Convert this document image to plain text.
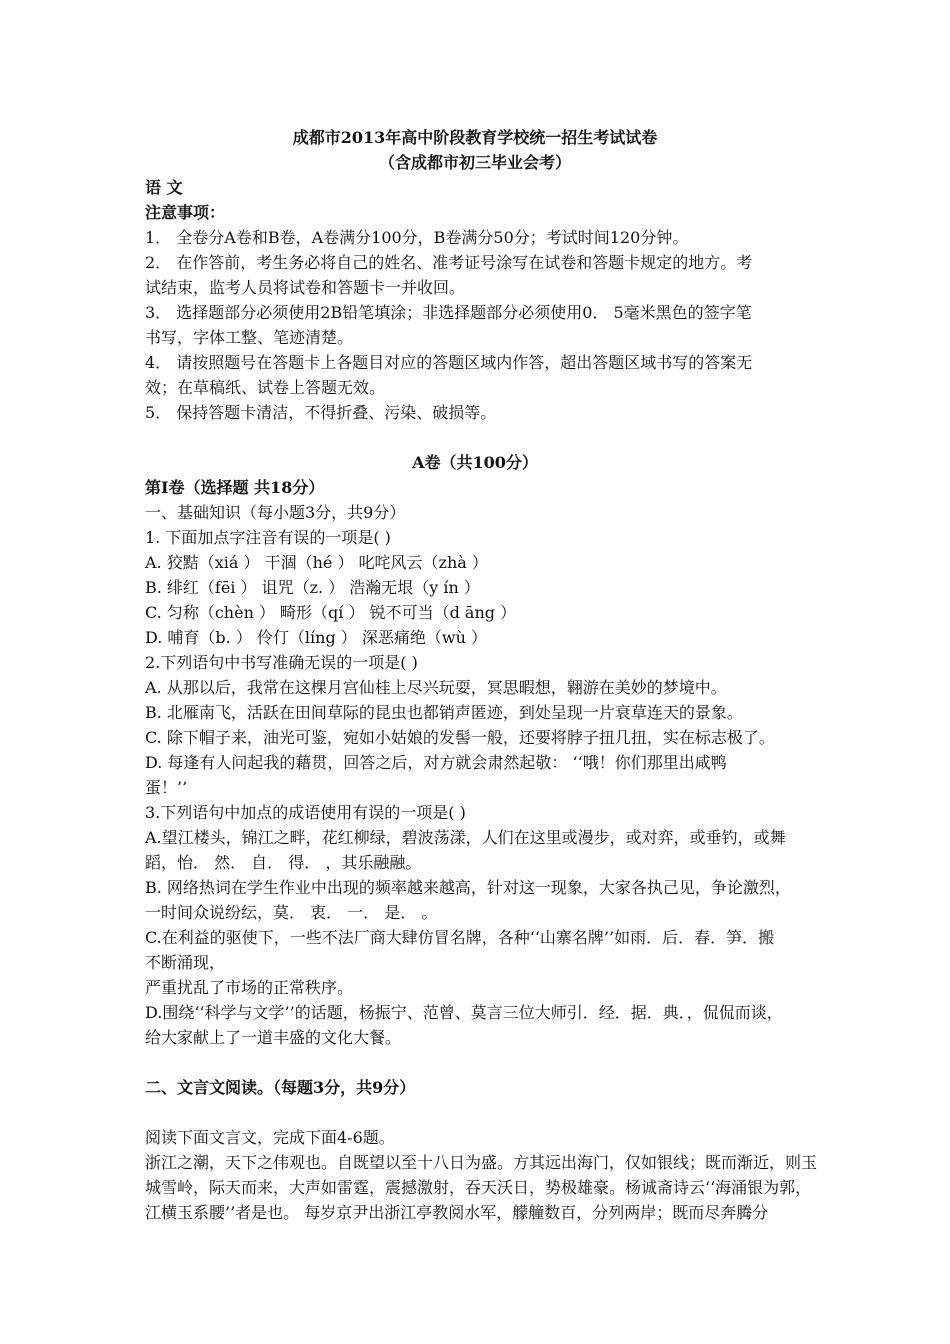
成都市2013年高中阶段教育学校统一招生考试试卷
（含成都市初三毕业会考）
语 文
注意事项：
1． 全卷分A卷和B卷，A卷满分100分，B卷满分50分；考试时间120分钟。
2． 在作答前，考生务必将自己的姓名、准考证号涂写在试卷和答题卡规定的地方。考
试结束，监考人员将试卷和答题卡一并收回。
3． 选择题部分必须使用2B铅笔填涂；非选择题部分必须使用0． 5毫米黑色的签字笔
书写，字体工整、笔迹清楚。
4． 请按照题号在答题卡上各题目对应的答题区域内作答，超出答题区域书写的答案无
效；在草稿纸、试卷上答题无效。
5． 保持答题卡清洁，不得折叠、污染、破损等。
A卷（共100分）
第Ⅰ卷（选择题 共18分）
一、基础知识（每小题3分，共9分）
1. 下面加点字注音有误的一项是( )
A. 狡黠（xiá ） 干涸（hé ） 叱咤风云（zhà ）
B. 绯红（fēi ） 诅咒（z. ） 浩瀚无垠（y ín ）
C. 匀称（chèn ） 畸形（qí ） 锐不可当（d āng ）
D. 哺育（b. ） 伶仃（líng ） 深恶痛绝（wù ）
2.下列语句中书写准确无误的一项是( )
A. 从那以后，我常在这棵月宫仙桂上尽兴玩耍，冥思暇想，翱游在美妙的梦境中。
B. 北雁南飞，活跃在田间草际的昆虫也都销声匿迹，到处呈现一片衰草连天的景象。
C. 除下帽子来，油光可鉴，宛如小姑娘的发髻一般，还要将脖子扭几扭，实在标志极了。
D. 每逢有人问起我的藉贯，回答之后，对方就会肃然起敬： ‘‘哦！你们那里出咸鸭
蛋！’’
3.下列语句中加点的成语使用有误的一项是( )
A.望江楼头，锦江之畔，花红柳绿，碧波荡漾，人们在这里或漫步，或对弈，或垂钓，或舞
蹈，怡． 然． 自． 得． ，其乐融融。
B. 网络热词在学生作业中出现的频率越来越高，针对这一现象，大家各执己见，争论激烈，
一时间众说纷纭，莫． 衷． 一． 是． 。
C.在利益的驱使下，一些不法厂商大肆仿冒名牌，各种‘‘山寨名牌’’如雨．后．春．笋．搬
不断涌现，
严重扰乱了市场的正常秩序。
D.围绕‘‘科学与文学’’的话题，杨振宁、范曾、莫言三位大师引．经．据．典．，侃侃而谈，
给大家献上了一道丰盛的文化大餐。
二、文言文阅读。（每题3分，共9分）
阅读下面文言文，完成下面4-6题。
浙江之潮，天下之伟观也。自既望以至十八日为盛。方其远出海门，仅如银线；既而渐近，则玉
城雪岭，际天而来，大声如雷霆，震撼激射，吞天沃日，势极雄豪。杨诚斋诗云‘‘海涌银为郭，
江横玉系腰’’者是也。 每岁京尹出浙江亭教阅水军，艨艟数百，分列两岸；既而尽奔腾分
